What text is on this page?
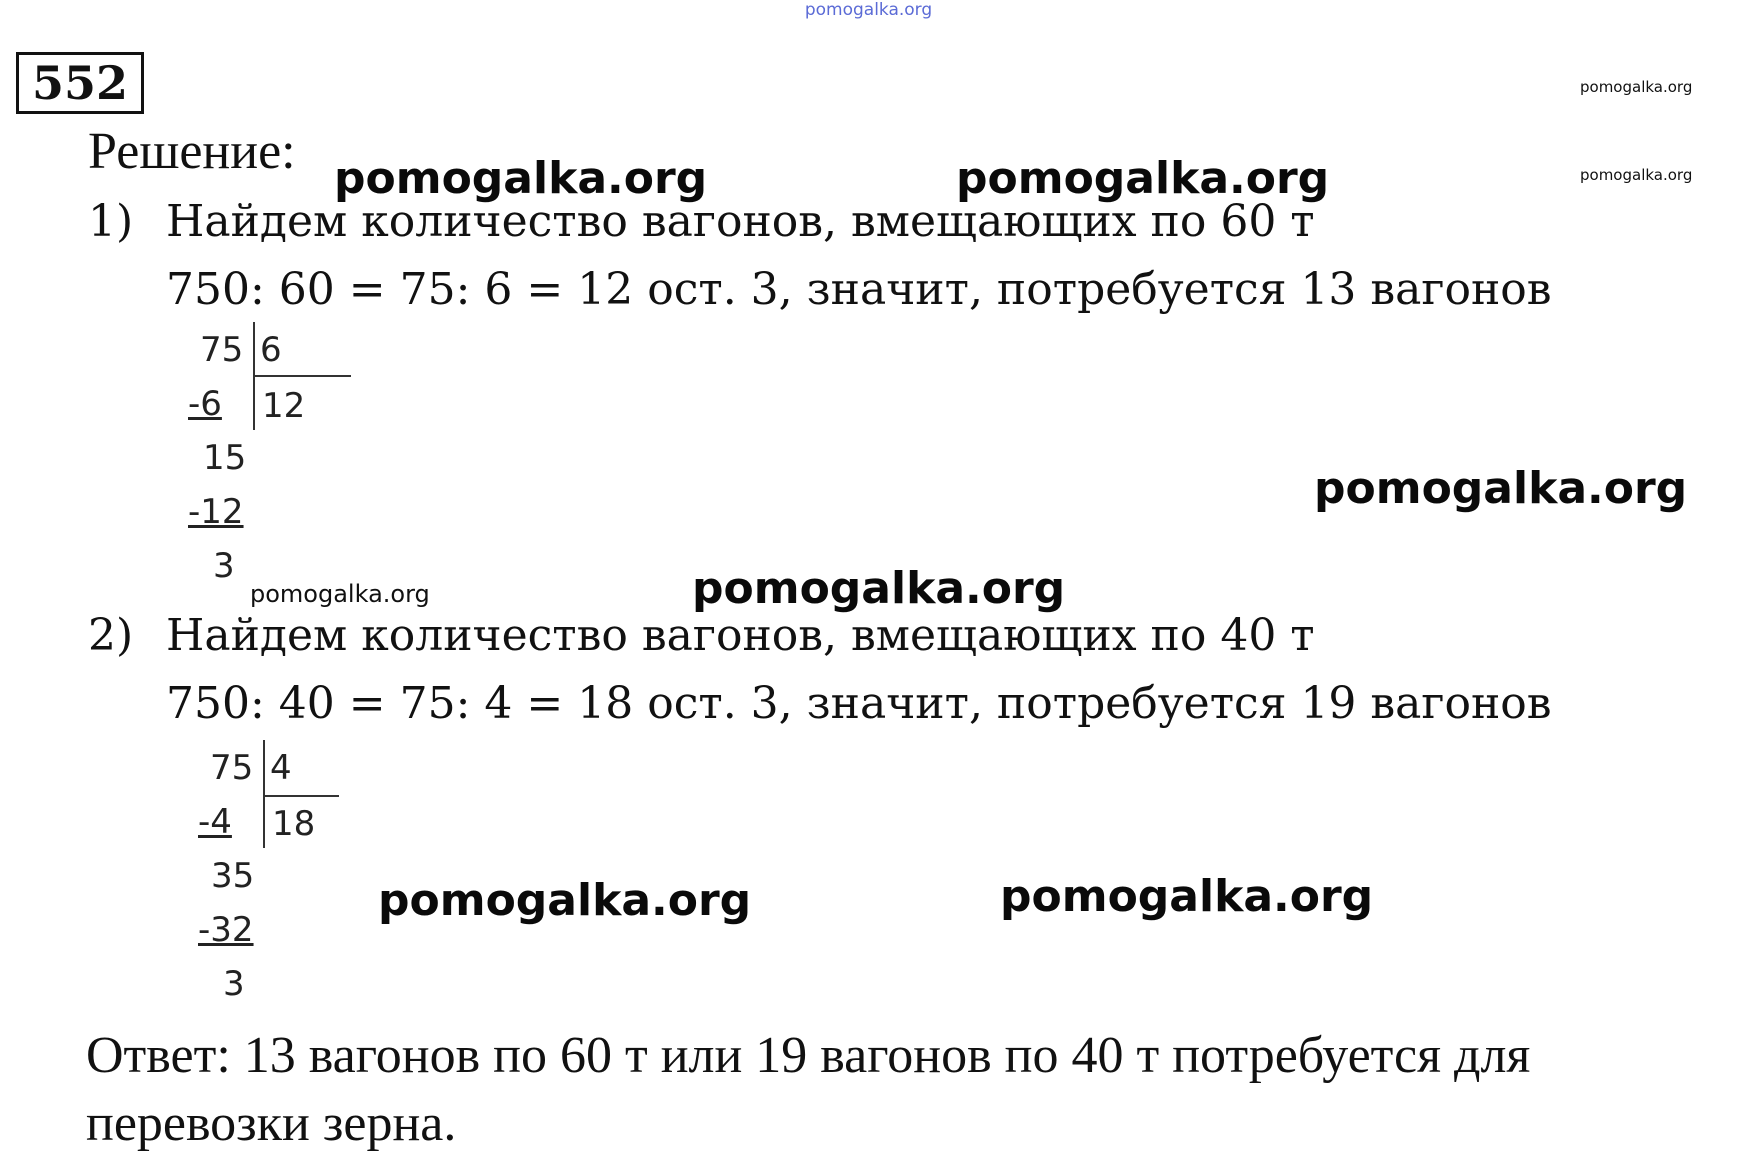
pomogalka.org
552
Решение:
1) Найдем количество вагонов, вмещающих по 60 т
750: 60 = 75: 6 = 12 ост. 3, значит, потребуется 13 вагонов
75 6
-6 12
15
-12
3
2) Найдем количество вагонов, вмещающих по 40 т
750: 40 = 75: 4 = 18 ост. 3, значит, потребуется 19 вагонов
75 4
-4 18
35
-32
3
Ответ: 13 вагонов по 60 т или 19 вагонов по 40 т потребуется для
перевозки зерна.
pomogalka.org
pomogalka.org
pomogalka.org	pomogalka.org
pomogalka.org
pomogalka.org	pomogalka.org
pomogalka.org	pomogalka.org
